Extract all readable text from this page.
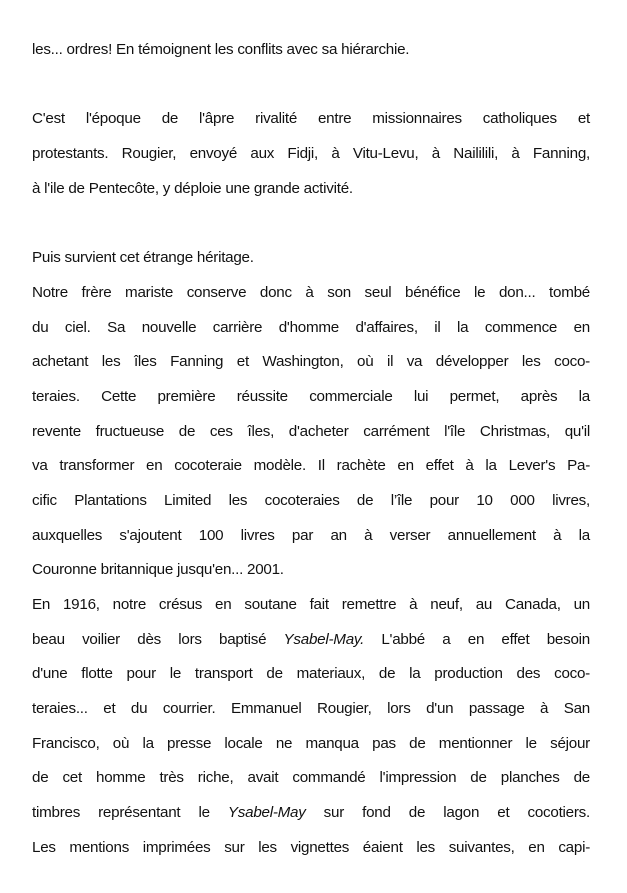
les... ordres! En témoignent les conflits avec sa hiérarchie.
C'est l'époque de l'âpre rivalité entre missionnaires catholiques et
protestants. Rougier, envoyé aux Fidji, à Vitu-Levu, à Naililili, à Fanning,
à l'ile de Pentecôte, y déploie une grande activité.
Puis survient cet étrange héritage.
Notre frère mariste conserve donc à son seul bénéfice le don... tombé
du ciel. Sa nouvelle carrière d'homme d'affaires, il la commence en
achetant les îles Fanning et Washington, où il va développer les coco-
teraies. Cette première réussite commerciale lui permet, après la
revente fructueuse de ces îles, d'acheter carrément l'île Christmas, qu'il
va transformer en cocoteraie modèle. Il rachète en effet à la Lever's Pa-
cific Plantations Limited les cocoteraies de l’île pour 10 000 livres,
auxquelles s'ajoutent 100 livres par an à verser annuellement à la
Couronne britannique jusqu'en... 2001.
En 1916, notre crésus en soutane fait remettre à neuf, au Canada, un
beau voilier dès lors baptisé Ysabel-May. L'abbé a en effet besoin
d'une flotte pour le transport de materiaux, de la production des coco-
teraies... et du courrier. Emmanuel Rougier, lors d'un passage à San
Francisco, où la presse locale ne manqua pas de mentionner le séjour
de cet homme très riche, avait commandé l'impression de planches de
timbres représentant le Ysabel-May sur fond de lagon et cocotiers.
Les mentions imprimées sur les vignettes éaient les suivantes, en capi-
